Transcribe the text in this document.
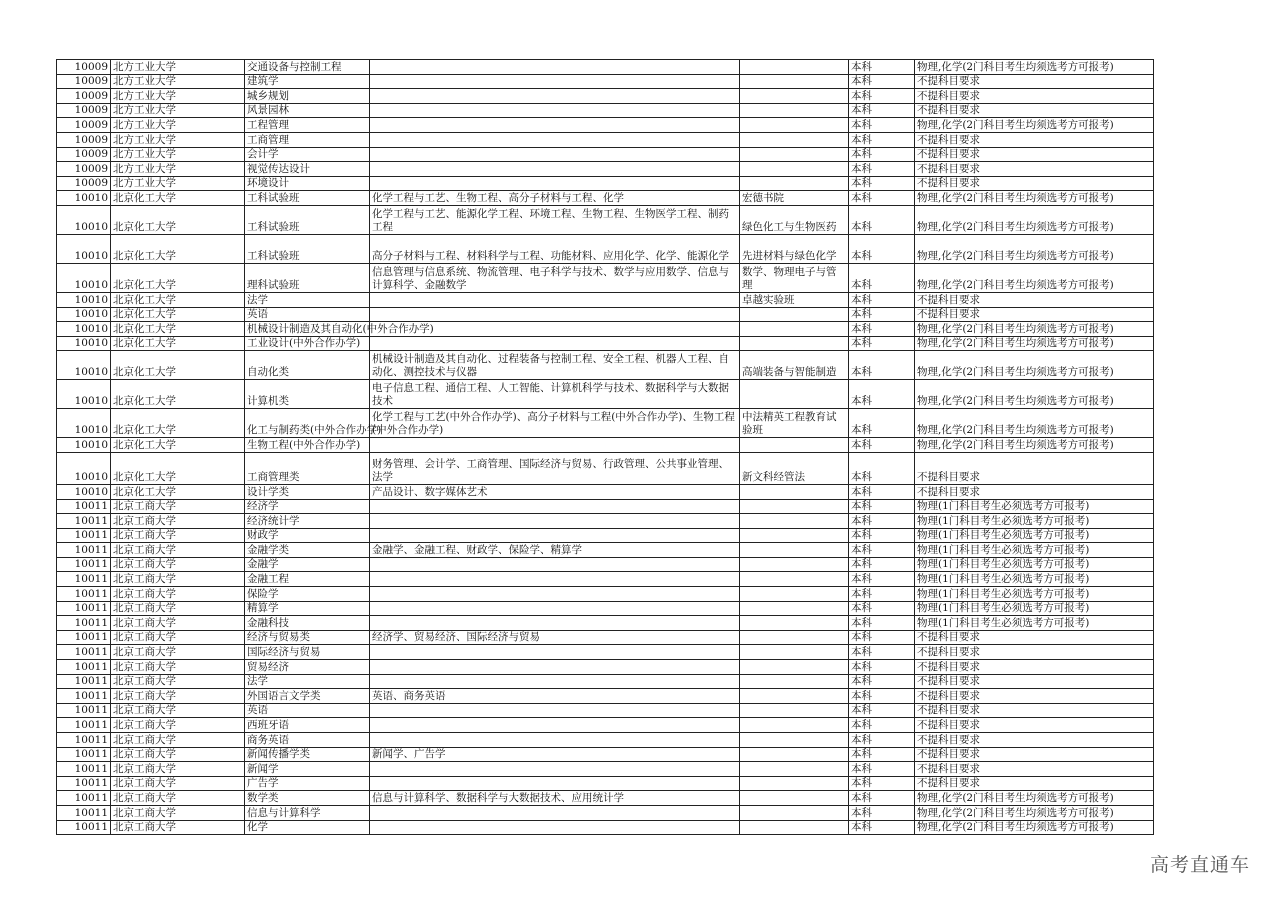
10009	北方工业大学	交通设备与控制工程			本科	物理,化学(2门科目考生均须选考方可报考)
10009	北方工业大学	建筑学			本科	不提科目要求
10009	北方工业大学	城乡规划			本科	不提科目要求
10009	北方工业大学	风景园林			本科	不提科目要求
10009	北方工业大学	工程管理			本科	物理,化学(2门科目考生均须选考方可报考)
10009	北方工业大学	工商管理			本科	不提科目要求
10009	北方工业大学	会计学			本科	不提科目要求
10009	北方工业大学	视觉传达设计			本科	不提科目要求
10009	北方工业大学	环境设计			本科	不提科目要求
10010	北京化工大学	工科试验班	化学工程与工艺、生物工程、高分子材料与工程、化学	宏德书院	本科	物理,化学(2门科目考生均须选考方可报考)
10010	北京化工大学	工科试验班	化学工程与工艺、能源化学工程、环境工程、生物工程、生物医学工程、制药工程	绿色化工与生物医药	本科	物理,化学(2门科目考生均须选考方可报考)
10010	北京化工大学	工科试验班	高分子材料与工程、材料科学与工程、功能材料、应用化学、化学、能源化学	先进材料与绿色化学	本科	物理,化学(2门科目考生均须选考方可报考)
10010	北京化工大学	理科试验班	信息管理与信息系统、物流管理、电子科学与技术、数学与应用数学、信息与计算科学、金融数学	数学、物理电子与管理	本科	物理,化学(2门科目考生均须选考方可报考)
10010	北京化工大学	法学		卓越实验班	本科	不提科目要求
10010	北京化工大学	英语			本科	不提科目要求
10010	北京化工大学	机械设计制造及其自动化(中外合作办学)			本科	物理,化学(2门科目考生均须选考方可报考)
10010	北京化工大学	工业设计(中外合作办学)			本科	物理,化学(2门科目考生均须选考方可报考)
10010	北京化工大学	自动化类	机械设计制造及其自动化、过程装备与控制工程、安全工程、机器人工程、自动化、测控技术与仪器	高端装备与智能制造	本科	物理,化学(2门科目考生均须选考方可报考)
10010	北京化工大学	计算机类	电子信息工程、通信工程、人工智能、计算机科学与技术、数据科学与大数据技术		本科	物理,化学(2门科目考生均须选考方可报考)
10010	北京化工大学	化工与制药类(中外合作办学)	化学工程与工艺(中外合作办学)、高分子材料与工程(中外合作办学)、生物工程(中外合作办学)	中法精英工程教育试验班	本科	物理,化学(2门科目考生均须选考方可报考)
10010	北京化工大学	生物工程(中外合作办学)			本科	物理,化学(2门科目考生均须选考方可报考)
10010	北京化工大学	工商管理类	财务管理、会计学、工商管理、国际经济与贸易、行政管理、公共事业管理、法学	新文科经管法	本科	不提科目要求
10010	北京化工大学	设计学类	产品设计、数字媒体艺术		本科	不提科目要求
10011	北京工商大学	经济学			本科	物理(1门科目考生必须选考方可报考)
10011	北京工商大学	经济统计学			本科	物理(1门科目考生必须选考方可报考)
10011	北京工商大学	财政学			本科	物理(1门科目考生必须选考方可报考)
10011	北京工商大学	金融学类	金融学、金融工程、财政学、保险学、精算学		本科	物理(1门科目考生必须选考方可报考)
10011	北京工商大学	金融学			本科	物理(1门科目考生必须选考方可报考)
10011	北京工商大学	金融工程			本科	物理(1门科目考生必须选考方可报考)
10011	北京工商大学	保险学			本科	物理(1门科目考生必须选考方可报考)
10011	北京工商大学	精算学			本科	物理(1门科目考生必须选考方可报考)
10011	北京工商大学	金融科技			本科	物理(1门科目考生必须选考方可报考)
10011	北京工商大学	经济与贸易类	经济学、贸易经济、国际经济与贸易		本科	不提科目要求
10011	北京工商大学	国际经济与贸易			本科	不提科目要求
10011	北京工商大学	贸易经济			本科	不提科目要求
10011	北京工商大学	法学			本科	不提科目要求
10011	北京工商大学	外国语言文学类	英语、商务英语		本科	不提科目要求
10011	北京工商大学	英语			本科	不提科目要求
10011	北京工商大学	西班牙语			本科	不提科目要求
10011	北京工商大学	商务英语			本科	不提科目要求
10011	北京工商大学	新闻传播学类	新闻学、广告学		本科	不提科目要求
10011	北京工商大学	新闻学			本科	不提科目要求
10011	北京工商大学	广告学			本科	不提科目要求
10011	北京工商大学	数学类	信息与计算科学、数据科学与大数据技术、应用统计学		本科	物理,化学(2门科目考生均须选考方可报考)
10011	北京工商大学	信息与计算科学			本科	物理,化学(2门科目考生均须选考方可报考)
10011	北京工商大学	化学			本科	物理,化学(2门科目考生均须选考方可报考)
高考直通车
